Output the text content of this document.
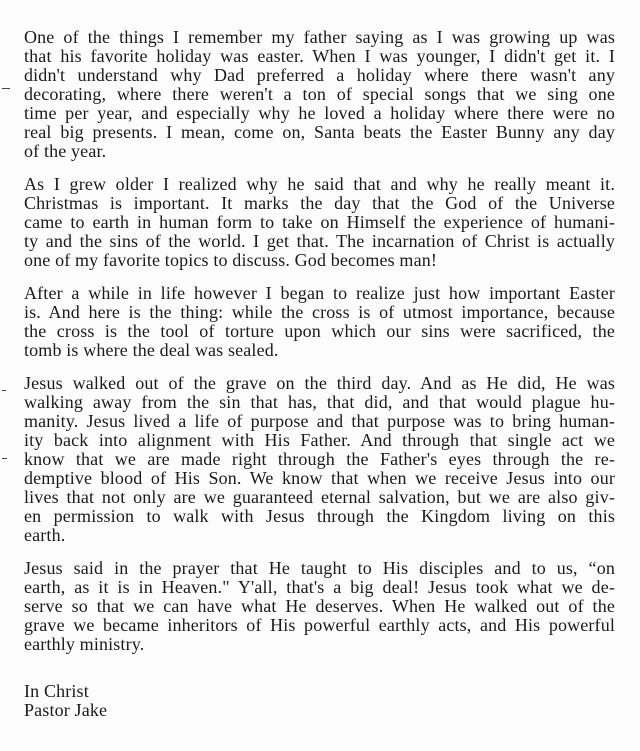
One of the things I remember my father saying as I was growing up was
that his favorite holiday was easter. When I was younger, I didn't get it. I
didn't understand why Dad preferred a holiday where there wasn't any
decorating, where there weren't a ton of special songs that we sing one
time per year, and especially why he loved a holiday where there were no
real big presents. I mean, come on, Santa beats the Easter Bunny any day
of the year.
As I grew older I realized why he said that and why he really meant it.
Christmas is important. It marks the day that the God of the Universe
came to earth in human form to take on Himself the experience of humani-
ty and the sins of the world. I get that. The incarnation of Christ is actually
one of my favorite topics to discuss. God becomes man!
After a while in life however I began to realize just how important Easter
is. And here is the thing: while the cross is of utmost importance, because
the cross is the tool of torture upon which our sins were sacrificed, the
tomb is where the deal was sealed.
Jesus walked out of the grave on the third day. And as He did, He was
walking away from the sin that has, that did, and that would plague hu-
manity. Jesus lived a life of purpose and that purpose was to bring human-
ity back into alignment with His Father. And through that single act we
know that we are made right through the Father's eyes through the re-
demptive blood of His Son. We know that when we receive Jesus into our
lives that not only are we guaranteed eternal salvation, but we are also giv-
en permission to walk with Jesus through the Kingdom living on this
earth.
Jesus said in the prayer that He taught to His disciples and to us, “on
earth, as it is in Heaven." Y'all, that's a big deal! Jesus took what we de-
serve so that we can have what He deserves. When He walked out of the
grave we became inheritors of His powerful earthly acts, and His powerful
earthly ministry.
In Christ
Pastor Jake
